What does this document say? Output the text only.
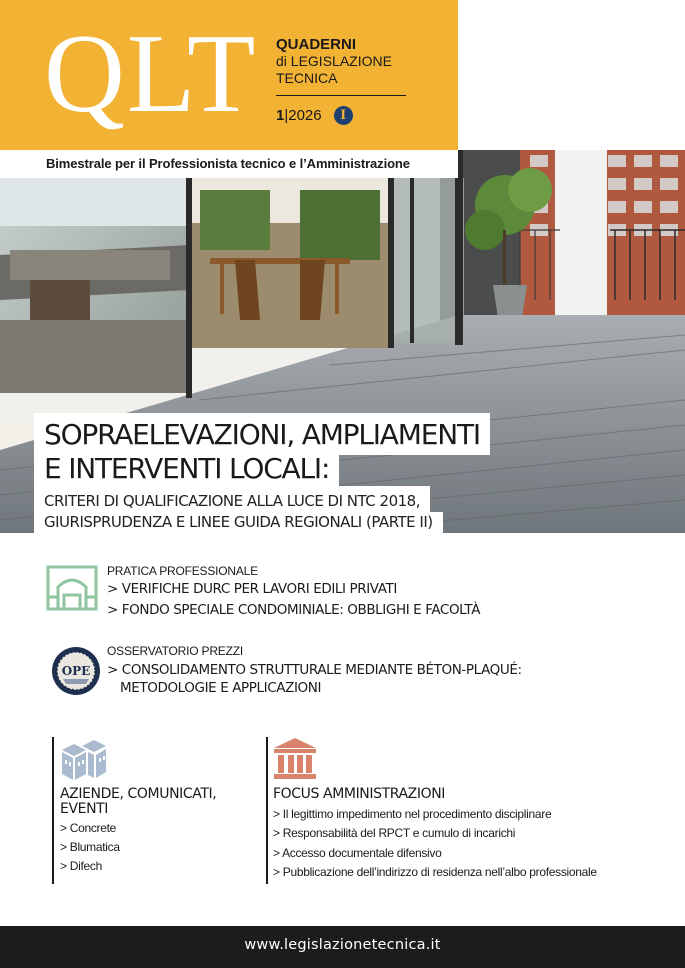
QLT QUADERNI
di LEGISLAZIONE
TECNICA
1 |2026	I
Bimestrale per il Professionista tecnico e l’Amministrazione
SOPRAELEVAZIONI, AMPLIAMENTI
E INTERVENTI LOCALI:
CRITERI DI QUALIFICAZIONE ALLA LUCE DI NTC 2018,
GIURISPRUDENZA E LINEE GUIDA REGIONALI (PARTE II)
PRATICA PROFESSIONALE
> VERIFICHE DURC PER LAVORI EDILI PRIVATI
> FONDO SPECIALE CONDOMINIALE: OBBLIGHI E FACOLTÀ
OPE
OSSERVATORIO PREZZI
> CONSOLIDAMENTO STRUTTURALE MEDIANTE BÉTON-PLAQUÉ:
METODOLOGIE E APPLICAZIONI
AZIENDE, COMUNICATI,
EVENTI
> Concrete
> Blumatica
> Difech
FOCUS AMMINISTRAZIONI
> Il legittimo impedimento nel procedimento disciplinare
> Responsabilità del RPCT e cumulo di incarichi
> Accesso documentale difensivo
> Pubblicazione dell’indirizzo di residenza nell’albo professionale
www.legislazionetecnica.it
